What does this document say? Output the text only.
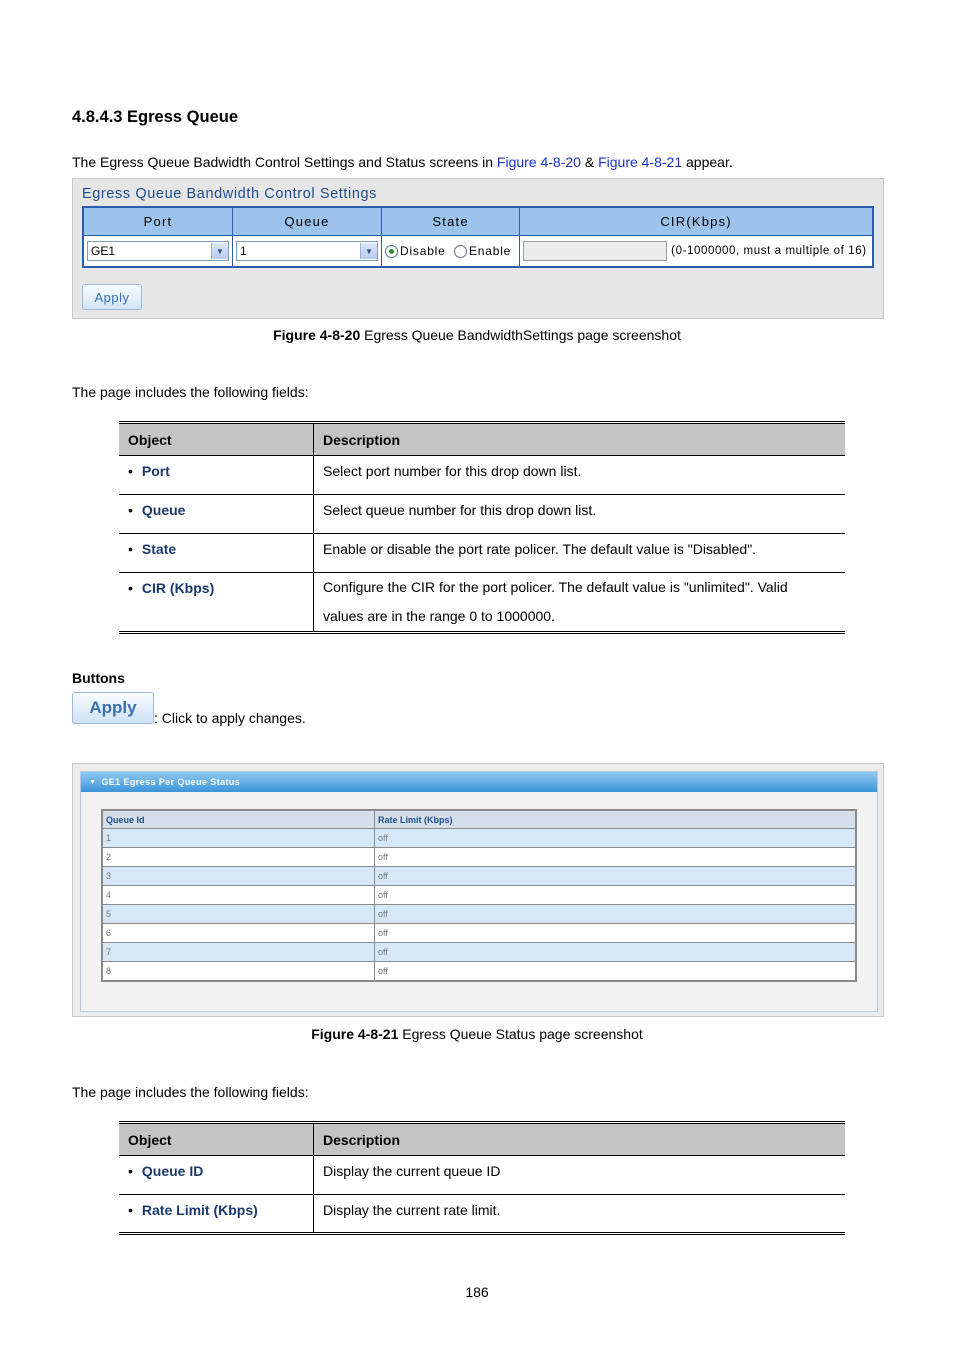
4.8.4.3 Egress Queue
The Egress Queue Badwidth Control Settings and Status screens in Figure 4-8-20 & Figure 4-8-21 appear.
Egress Queue Bandwidth Control Settings
Port	Queue	State	CIR(Kbps)

GE1 ▼	1 ▼	Disable Enable	(0-1000000, must a multiple of 16)
Apply
Figure 4-8-20 Egress Queue BandwidthSettings page screenshot
The page includes the following fields:
Object	Description
• Port	Select port number for this drop down list.
• Queue	Select queue number for this drop down list.
• State	Enable or disable the port rate policer. The default value is "Disabled".
• CIR (Kbps)	Configure the CIR for the port policer. The default value is "unlimited". Valid
values are in the range 0 to 1000000.
Buttons
Apply
: Click to apply changes.
▼ GE1 Egress Per Queue Status
Queue Id	Rate Limit (Kbps)
1	off
2	off
3	off
4	off
5	off
6	off
7	off
8	off
Figure 4-8-21 Egress Queue Status page screenshot
The page includes the following fields:
Object	Description
• Queue ID	Display the current queue ID
• Rate Limit (Kbps)	Display the current rate limit.
186
